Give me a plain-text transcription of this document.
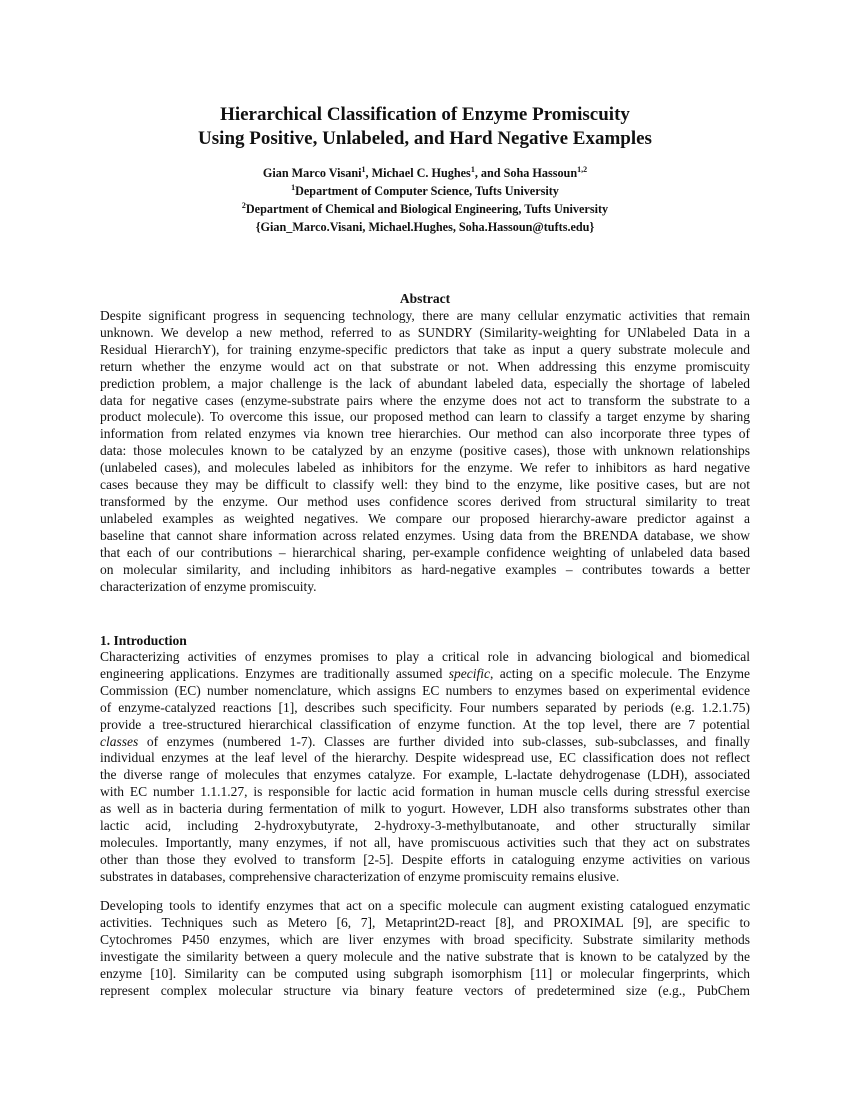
Hierarchical Classification of Enzyme Promiscuity
Using Positive, Unlabeled, and Hard Negative Examples
Gian Marco Visani$^1$, Michael C. Hughes$^1$, and Soha Hassoun$^{1,2}$
$^1$Department of Computer Science, Tufts University
$^2$Department of Chemical and Biological Engineering, Tufts University
{Gian_Marco.Visani, Michael.Hughes, Soha.Hassoun@tufts.edu}
Abstract
Despite significant progress in sequencing technology, there are many cellular enzymatic activities that remain
unknown. We develop a new method, referred to as SUNDRY (Similarity-weighting for UNlabeled Data in a
Residual HierarchY), for training enzyme-specific predictors that take as input a query substrate molecule and
return whether the enzyme would act on that substrate or not. When addressing this enzyme promiscuity
prediction problem, a major challenge is the lack of abundant labeled data, especially the shortage of labeled
data for negative cases (enzyme-substrate pairs where the enzyme does not act to transform the substrate to a
product molecule). To overcome this issue, our proposed method can learn to classify a target enzyme by sharing
information from related enzymes via known tree hierarchies. Our method can also incorporate three types of
data: those molecules known to be catalyzed by an enzyme (positive cases), those with unknown relationships
(unlabeled cases), and molecules labeled as inhibitors for the enzyme. We refer to inhibitors as hard negative
cases because they may be difficult to classify well: they bind to the enzyme, like positive cases, but are not
transformed by the enzyme. Our method uses confidence scores derived from structural similarity to treat
unlabeled examples as weighted negatives. We compare our proposed hierarchy-aware predictor against a
baseline that cannot share information across related enzymes. Using data from the BRENDA database, we show
that each of our contributions – hierarchical sharing, per-example confidence weighting of unlabeled data based
on molecular similarity, and including inhibitors as hard-negative examples – contributes towards a better
characterization of enzyme promiscuity.
1. Introduction
Characterizing activities of enzymes promises to play a critical role in advancing biological and biomedical
engineering applications. Enzymes are traditionally assumed specific, acting on a specific molecule. The Enzyme
Commission (EC) number nomenclature, which assigns EC numbers to enzymes based on experimental evidence
of enzyme-catalyzed reactions [1], describes such specificity. Four numbers separated by periods (e.g. 1.2.1.75)
provide a tree-structured hierarchical classification of enzyme function. At the top level, there are 7 potential
classes of enzymes (numbered 1-7). Classes are further divided into sub-classes, sub-subclasses, and finally
individual enzymes at the leaf level of the hierarchy. Despite widespread use, EC classification does not reflect
the diverse range of molecules that enzymes catalyze. For example, L-lactate dehydrogenase (LDH), associated
with EC number 1.1.1.27, is responsible for lactic acid formation in human muscle cells during stressful exercise
as well as in bacteria during fermentation of milk to yogurt. However, LDH also transforms substrates other than
lactic acid, including 2-hydroxybutyrate, 2-hydroxy-3-methylbutanoate, and other structurally similar
molecules. Importantly, many enzymes, if not all, have promiscuous activities such that they act on substrates
other than those they evolved to transform [2-5]. Despite efforts in cataloguing enzyme activities on various
substrates in databases, comprehensive characterization of enzyme promiscuity remains elusive.
Developing tools to identify enzymes that act on a specific molecule can augment existing catalogued enzymatic
activities. Techniques such as Metero [6, 7], Metaprint2D-react [8], and PROXIMAL [9], are specific to
Cytochromes P450 enzymes, which are liver enzymes with broad specificity. Substrate similarity methods
investigate the similarity between a query molecule and the native substrate that is known to be catalyzed by the
enzyme [10]. Similarity can be computed using subgraph isomorphism [11] or molecular fingerprints, which
represent complex molecular structure via binary feature vectors of predetermined size (e.g., PubChem
